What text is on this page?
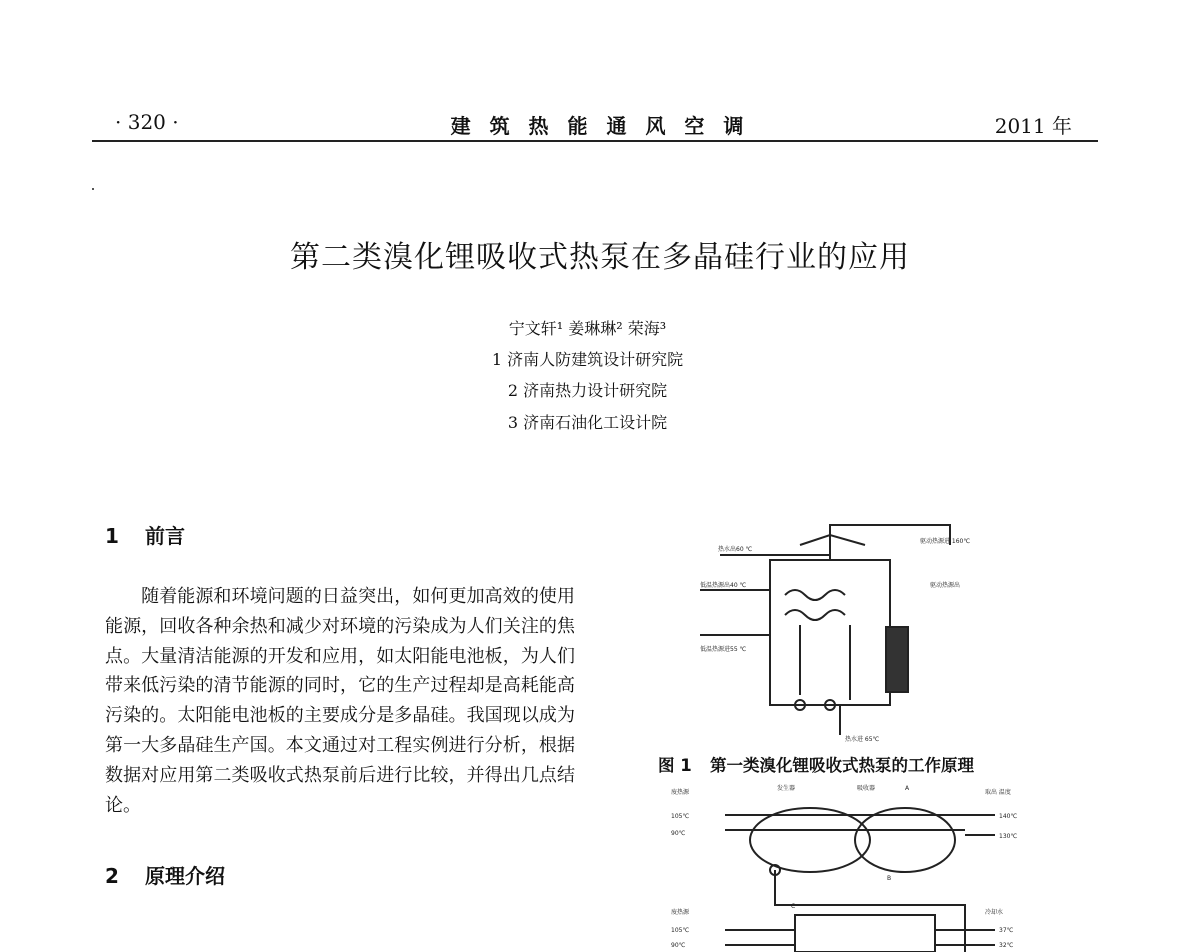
· 320 ·	建 筑 热 能 通 风 空 调	2011 年
第二类溴化锂吸收式热泵在多晶硅行业的应用
宁文轩¹ 姜琳琳² 荣海³
1 济南人防建筑设计研究院
2 济南热力设计研究院
3 济南石油化工设计院
1 前言
随着能源和环境问题的日益突出，如何更加高效的使用能源，回收各种余热和减少对环境的污染成为人们关注的焦点。大量清洁能源的开发和应用，如太阳能电池板，为人们带来低污染的清节能源的同时，它的生产过程却是高耗能高污染的。太阳能电池板的主要成分是多晶硅。我国现以成为第一大多晶硅生产国。本文通过对工程实例进行分析，根据数据对应用第二类吸收式热泵前后进行比较，并得出几点结论。
2 原理介绍
热水出60 ℃
驱动热源进 160℃
低温热源出40 ℃	驱动热源出
低温热源进55 ℃
热水进 65℃
图 1 第一类溴化锂吸收式热泵的工作原理
废热源
发生器	吸收器	A
取出 温度
105℃
90℃
140℃
130℃
B
C
废热源	冷却水
105℃
90℃
37℃
32℃
